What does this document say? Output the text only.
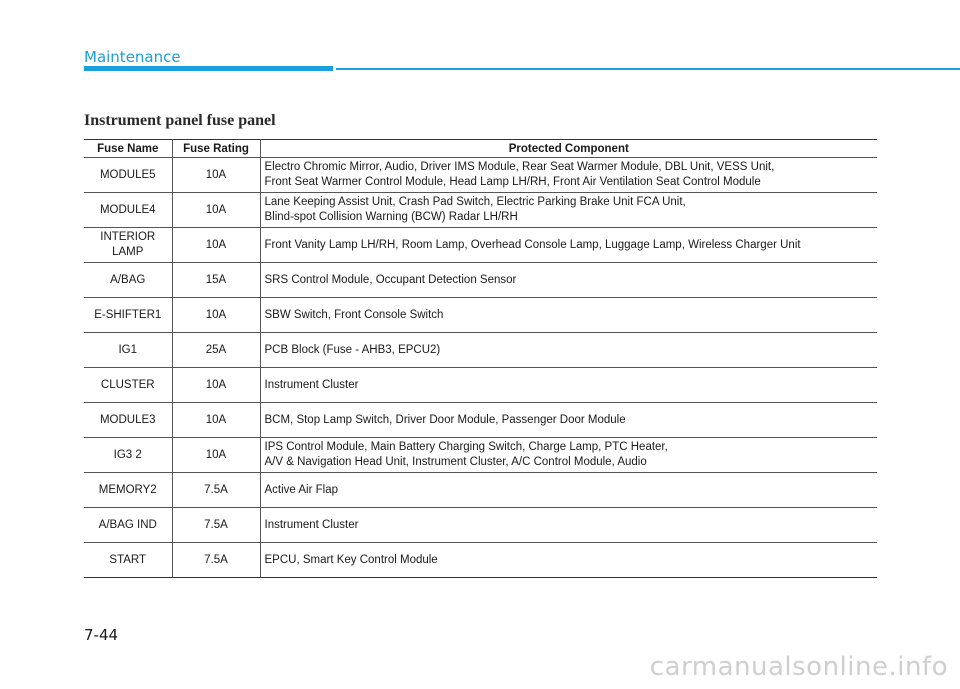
Maintenance
Instrument panel fuse panel
Fuse Name	Fuse Rating	Protected Component
MODULE5	10A	Electro Chromic Mirror, Audio, Driver IMS Module, Rear Seat Warmer Module, DBL Unit, VESS Unit,
Front Seat Warmer Control Module, Head Lamp LH/RH, Front Air Ventilation Seat Control Module
MODULE4	10A	Lane Keeping Assist Unit, Crash Pad Switch, Electric Parking Brake Unit FCA Unit,
Blind-spot Collision Warning (BCW) Radar LH/RH
INTERIOR
LAMP	10A	Front Vanity Lamp LH/RH, Room Lamp, Overhead Console Lamp, Luggage Lamp, Wireless Charger Unit
A/BAG	15A	SRS Control Module, Occupant Detection Sensor
E-SHIFTER1	10A	SBW Switch, Front Console Switch
IG1	25A	PCB Block (Fuse - AHB3, EPCU2)
CLUSTER	10A	Instrument Cluster
MODULE3	10A	BCM, Stop Lamp Switch, Driver Door Module, Passenger Door Module
IG3 2	10A	IPS Control Module, Main Battery Charging Switch, Charge Lamp, PTC Heater,
A/V & Navigation Head Unit, Instrument Cluster, A/C Control Module, Audio
MEMORY2	7.5A	Active Air Flap
A/BAG IND	7.5A	Instrument Cluster
START	7.5A	EPCU, Smart Key Control Module
7-44
carmanualsonline.info
